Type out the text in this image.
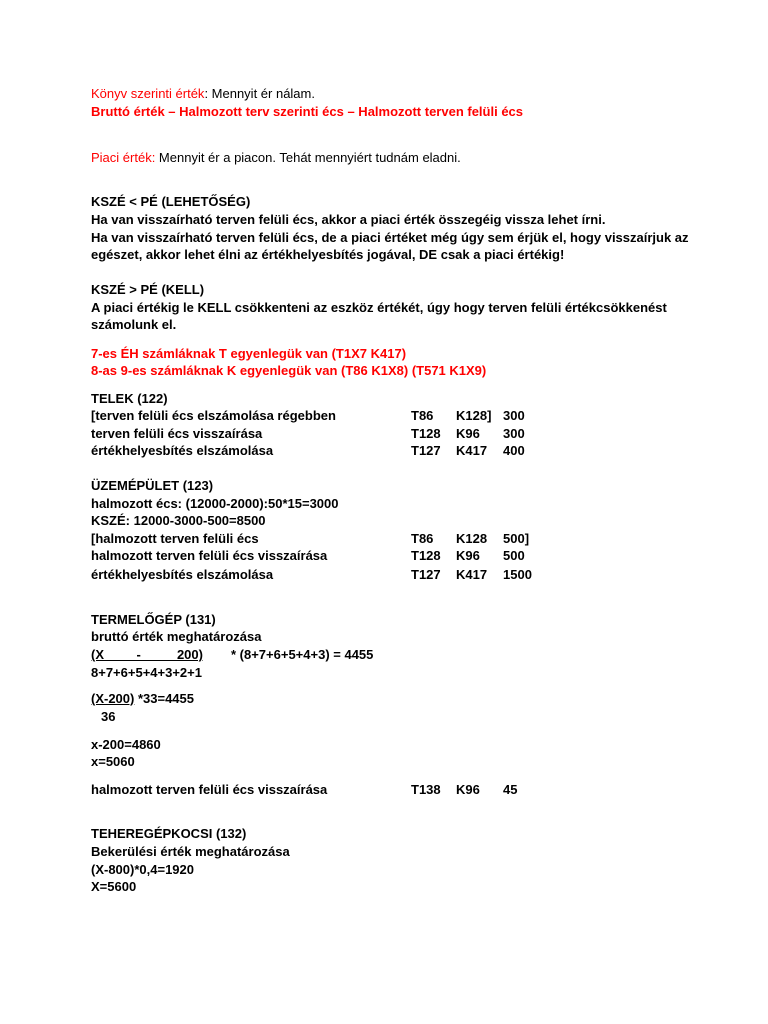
Könyv szerinti érték: Mennyit ér nálam.
Bruttó érték – Halmozott terv szerinti écs – Halmozott terven felüli écs
Piaci érték: Mennyit ér a piacon. Tehát mennyiért tudnám eladni.
KSZÉ < PÉ (LEHETŐSÉG)
Ha van visszaírható terven felüli écs, akkor a piaci érték összegéig vissza lehet írni.
Ha van visszaírható terven felüli écs, de a piaci értéket még úgy sem érjük el, hogy visszaírjuk az
egészet, akkor lehet élni az értékhelyesbítés jogával, DE csak a piaci értékig!
KSZÉ > PÉ (KELL)
A piaci értékig le KELL csökkenteni az eszköz értékét, úgy hogy terven felüli értékcsökkenést
számolunk el.
7-es ÉH számláknak T egyenlegük van (T1X7 K417)
8-as 9-es számláknak K egyenlegük van (T86 K1X8) (T571 K1X9)
TELEK (122)
[terven felüli écs elszámolása régebben	T86 K128] 300
terven felüli écs visszaírása	T128 K96 300
értékhelyesbítés elszámolása	T127 K417 400
ÜZEMÉPÜLET (123)
halmozott écs: (12000-2000):50*15=3000
KSZÉ: 12000-3000-500=8500
[halmozott terven felüli écs	T86 K128 500]
halmozott terven felüli écs visszaírása	T128 K96 500
értékhelyesbítés elszámolása	T127 K417 1500
TERMELŐGÉP (131)
bruttó érték meghatározása
(X         -          200) * (8+7+6+5+4+3) = 4455
8+7+6+5+4+3+2+1
(X-200) *33=4455
36
x-200=4860
x=5060
halmozott terven felüli écs visszaírása	T138 K96 45
TEHEREGÉPKOCSI (132)
Bekerülési érték meghatározása
(X-800)*0,4=1920
X=5600
